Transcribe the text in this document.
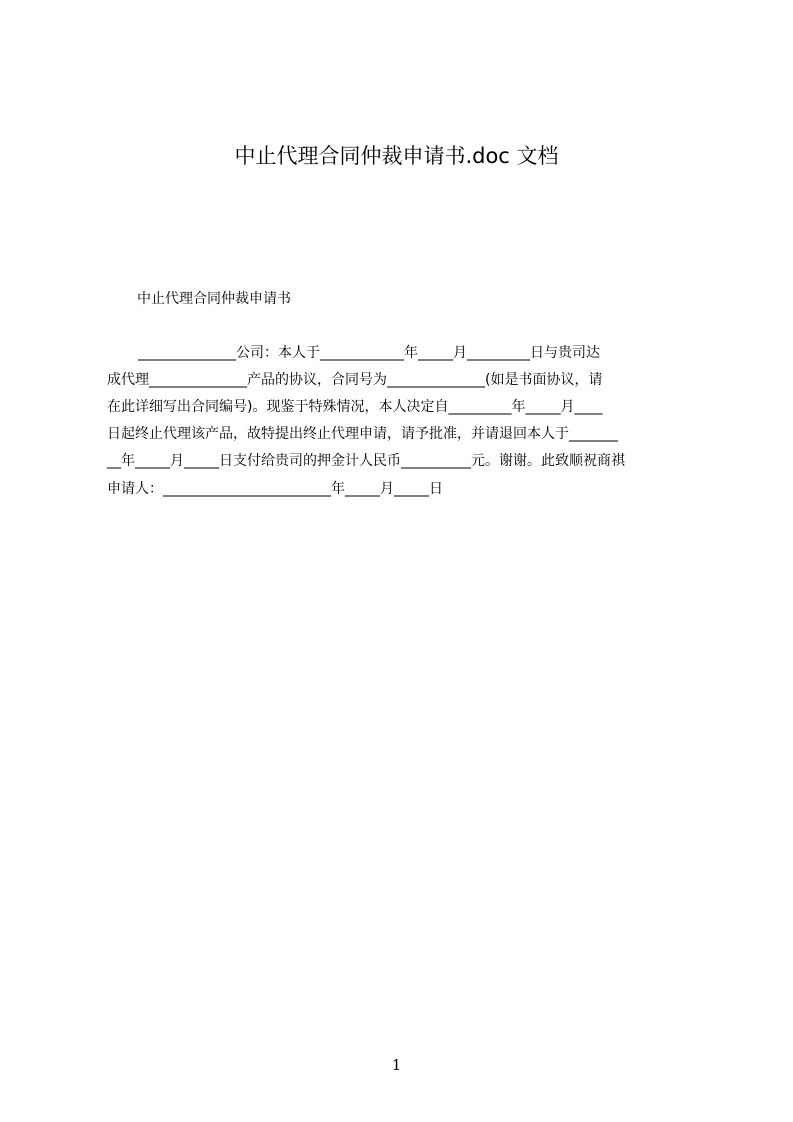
中止代理合同仲裁申请书.doc 文档
中止代理合同仲裁申请书
______________公司：本人于____________年_____月_________日与贵司达
成代理______________产品的协议，合同号为______________(如是书面协议，请
在此详细写出合同编号)。现鉴于特殊情况，本人决定自_________年_____月____
日起终止代理该产品，故特提出终止代理申请，请予批准，并请退回本人于_______
__年_____月_____日支付给贵司的押金计人民币__________元。谢谢。此致顺祝商祺
申请人：________________________年_____月_____日
1
